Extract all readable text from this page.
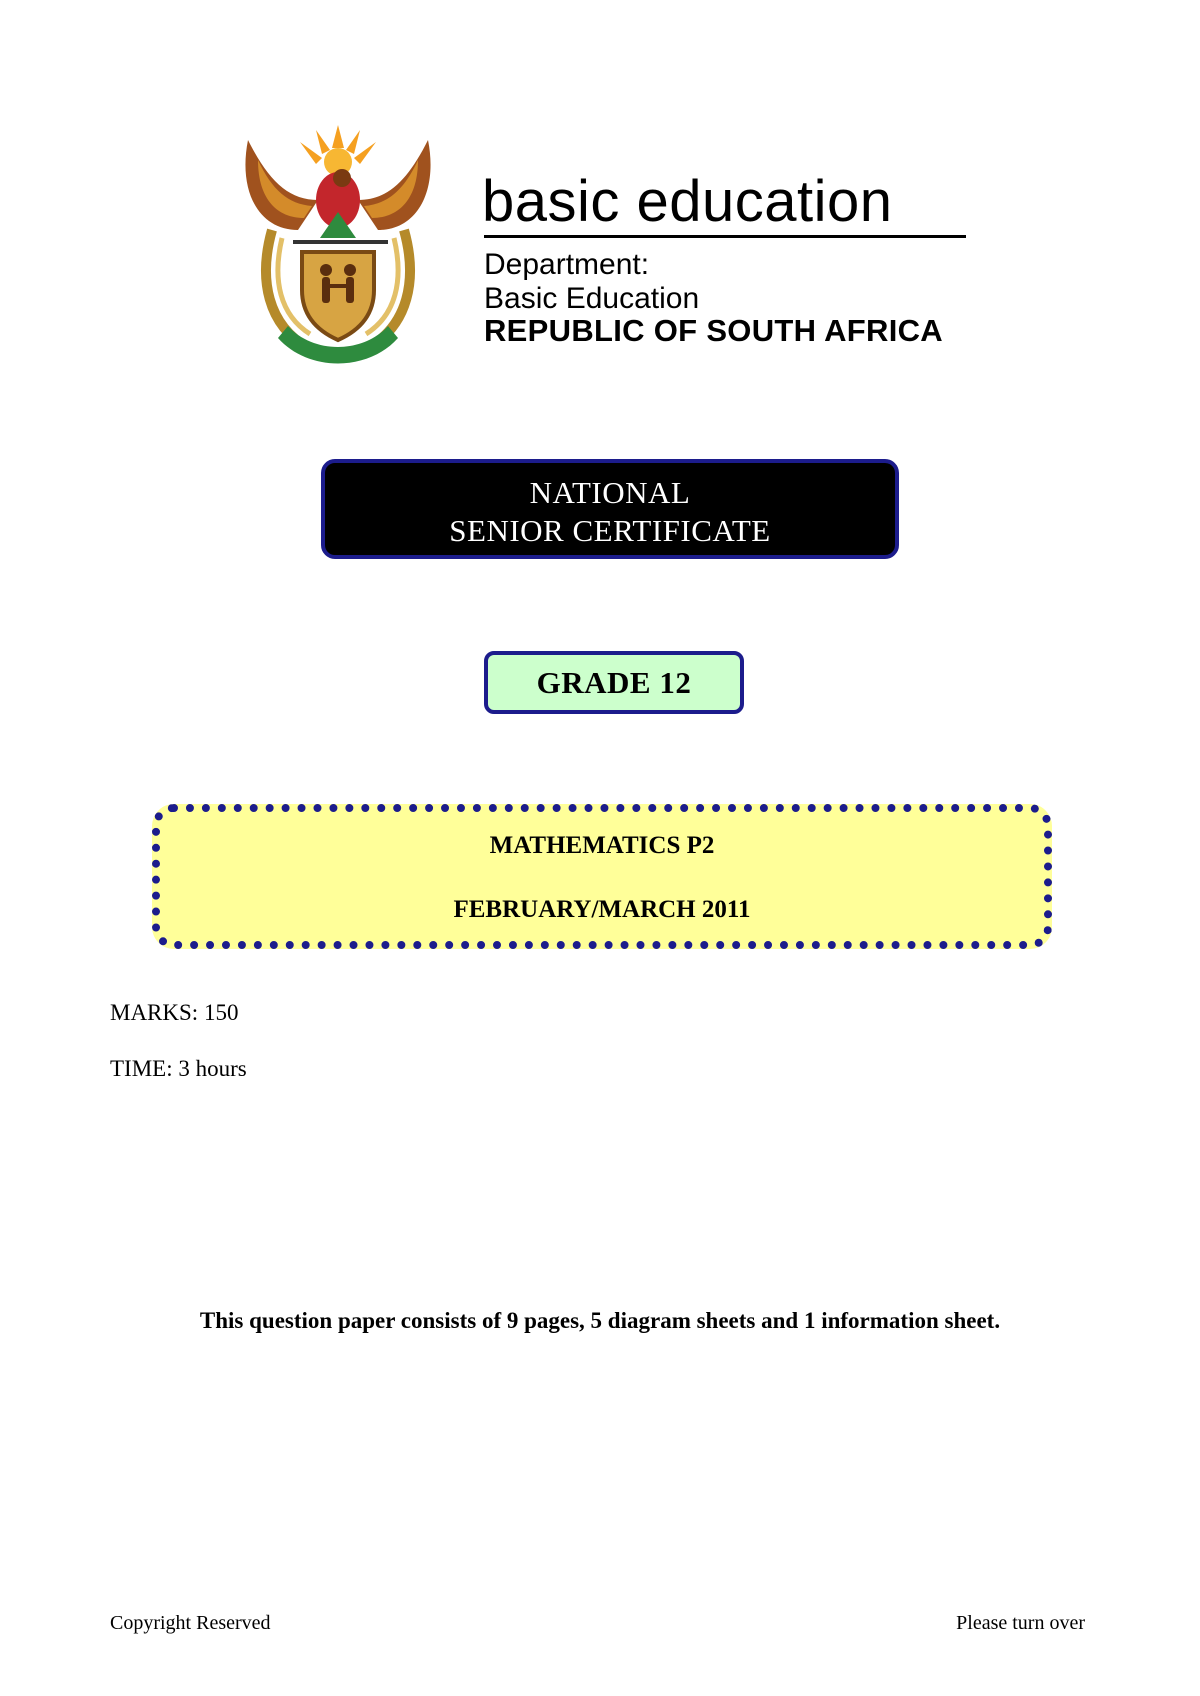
basic education
Department:
Basic Education
REPUBLIC OF SOUTH AFRICA
NATIONAL
SENIOR CERTIFICATE
GRADE 12
MATHEMATICS P2
FEBRUARY/MARCH 2011
MARKS: 150
TIME: 3 hours
This question paper consists of 9 pages, 5 diagram sheets and 1 information sheet.
Copyright Reserved	Please turn over
